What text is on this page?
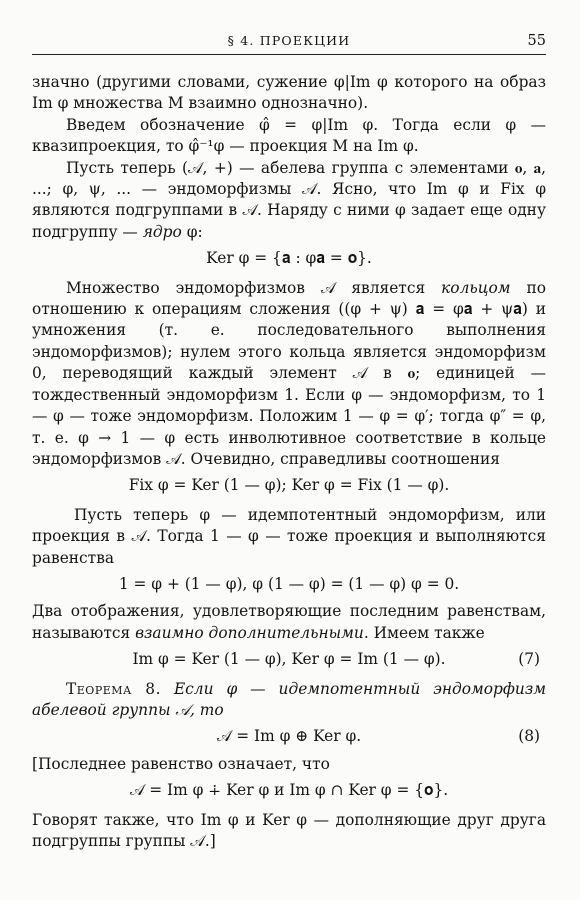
§ 4. ПРОЕКЦИИ	55

значно (другими словами, сужение φ|Im φ которого на образ Im φ множества M взаимно однозначно).

Введем обозначение φ̂ = φ|Im φ. Тогда если φ — квазипроекция, то φ̂⁻¹φ — проекция M на Im φ.

Пусть теперь (𝒜, +) — абелева группа с элементами 𝐨, 𝐚, ...; φ, ψ, ... — эндоморфизмы 𝒜. Ясно, что Im φ и Fix φ являются подгруппами в 𝒜. Наряду с ними φ задает еще одну подгруппу — ядро φ:

Ker φ = {𝐚 : φ𝐚 = 𝐨}.

Множество эндоморфизмов 𝒜 является кольцом по отношению к операциям сложения ((φ + ψ) 𝐚 = φ𝐚 + ψ𝐚) и умножения (т. е. последовательного выполнения эндоморфизмов); нулем этого кольца является эндоморфизм 0, переводящий каждый элемент 𝒜 в 𝐨; единицей — тождественный эндоморфизм 1. Если φ — эндоморфизм, то 1 — φ — тоже эндоморфизм. Положим 1 — φ = φ′; тогда φ″ = φ, т. е. φ → 1 — φ есть инволютивное соответствие в кольце эндоморфизмов 𝒜. Очевидно, справедливы соотношения

Fix φ = Ker (1 — φ); Ker φ = Fix (1 — φ).

Пусть теперь φ — идемпотентный эндоморфизм, или проекция в 𝒜. Тогда 1 — φ — тоже проекция и выполняются равенства

1 = φ + (1 — φ), φ (1 — φ) = (1 — φ) φ = 0.

Два отображения, удовлетворяющие последним равенствам, называются взаимно дополнительными. Имеем также

Im φ = Ker (1 — φ), Ker φ = Im (1 — φ).	(7)

Теорема 8. Если φ — идемпотентный эндоморфизм абелевой группы 𝒜, то

𝒜 = Im φ ⊕ Ker φ.	(8)

[Последнее равенство означает, что

𝒜 = Im φ ∔ Ker φ и Im φ ∩ Ker φ = {𝐨}.

Говорят также, что Im φ и Ker φ — дополняющие друг друга подгруппы группы 𝒜.]
